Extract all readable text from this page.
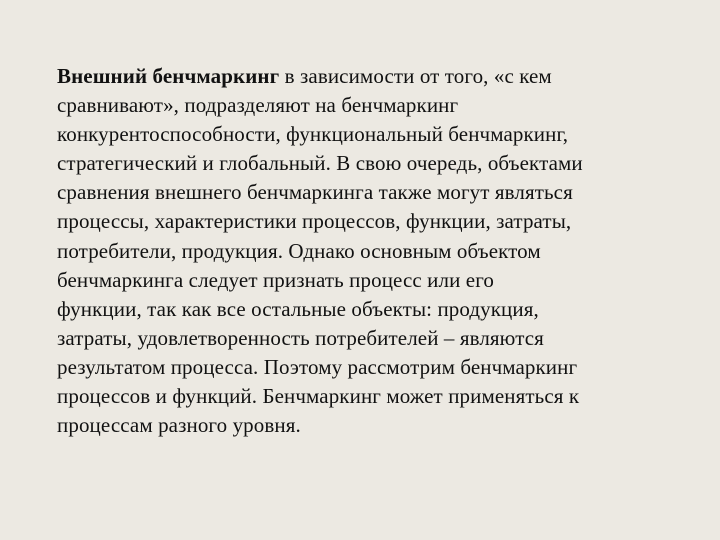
Внешний бенчмаркинг в зависимости от того, «с кем
сравнивают», подразделяют на бенчмаркинг
конкурентоспособности, функциональный бенчмаркинг,
стратегический и глобальный. В свою очередь, объектами
сравнения внешнего бенчмаркинга также могут являться
процессы, характеристики процессов, функции, затраты,
потребители, продукция. Однако основным объектом
бенчмаркинга следует признать процесс или его
функции, так как все остальные объекты: продукция,
затраты, удовлетворенность потребителей – являются
результатом процесса. Поэтому рассмотрим бенчмаркинг
процессов и функций. Бенчмаркинг может применяться к
процессам разного уровня.
